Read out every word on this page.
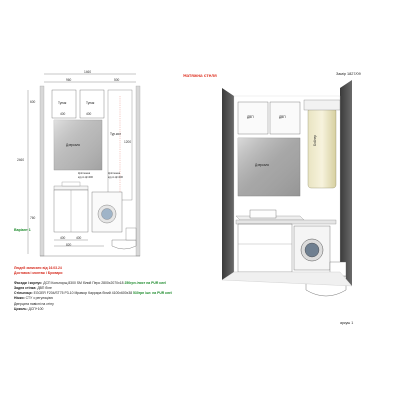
Натяжна стеля	Замір 1827/09
1460
960	500
2460
600
760
1200
400	400
820
400	400
Тупак	Тупак
Дзеркало
Тур.кол
Кріплення
кругл.ф=400
Кріплення
кругл.ф=400
ДВП	ДВП
Бойлер
Дзеркало
Варіант 1
Людей записати від 16.03.24
Доставка і монтаж і Бровари
Фасади і корпус: ДСП Кольнорщ 8300 SM білий Перо 2800х2070х18 250грн /лист на PUR клеї
Задня стінка: ДВП біле
Стільниця: EGGER F204/ST75 P3-10 Мрамор Каррара білий 4100х600х38 530грн /шт. на PUR клеї
Ніжки: СТУ з регуляцією
Дверцята навісні на стіну
Цоколь: ДСП+100
аркуш 1
